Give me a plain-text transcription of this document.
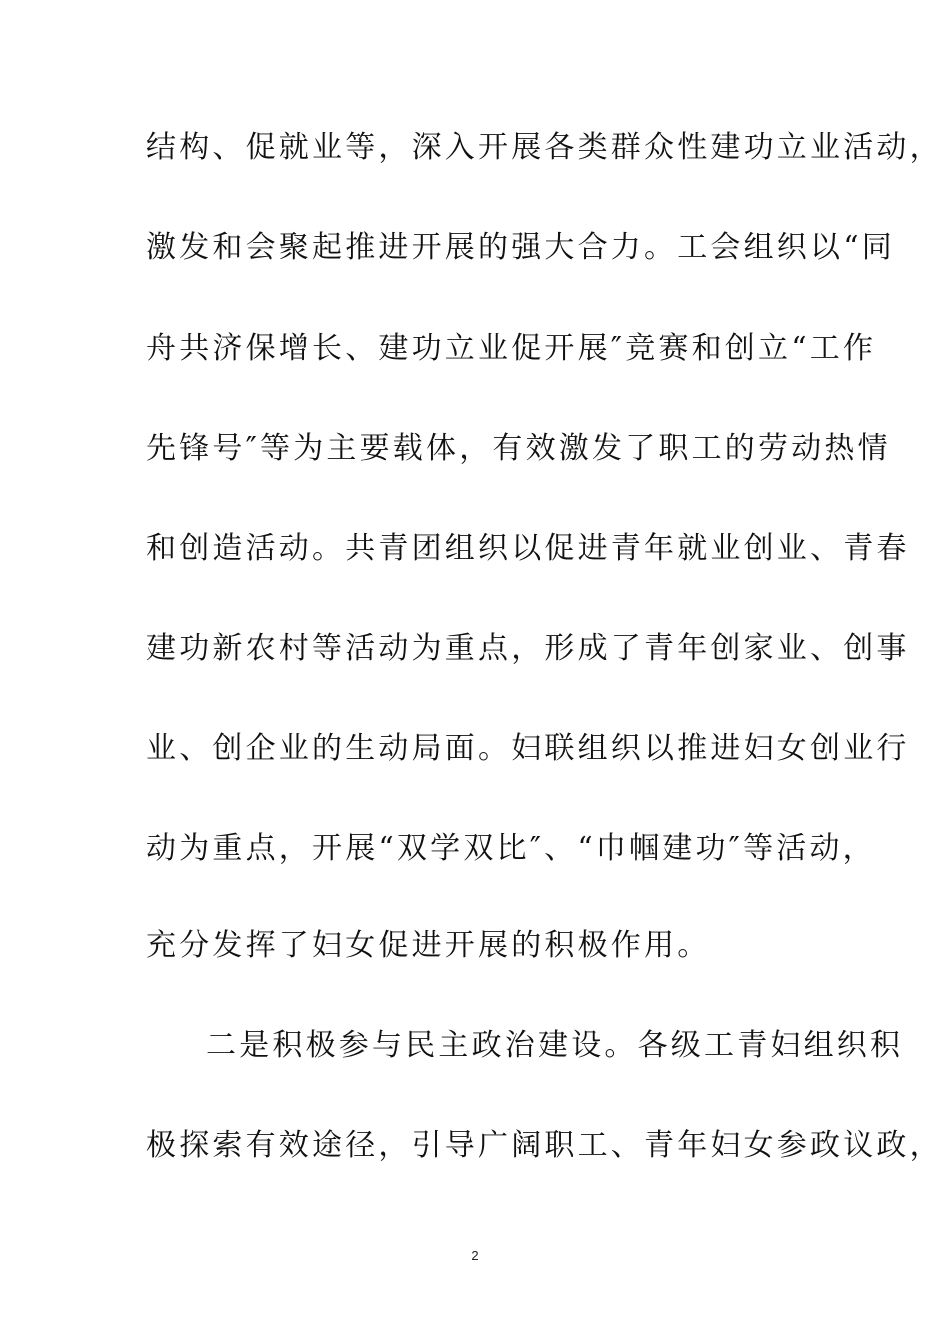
结构、促就业等，深入开展各类群众性建功立业活动，
激发和会聚起推进开展的强大合力。工会组织以“同
舟共济保增长、建功立业促开展″竞赛和创立“工作
先锋号″等为主要载体，有效激发了职工的劳动热情
和创造活动。共青团组织以促进青年就业创业、青春
建功新农村等活动为重点，形成了青年创家业、创事
业、创企业的生动局面。妇联组织以推进妇女创业行
动为重点，开展“双学双比″、“巾帼建功″等活动，
充分发挥了妇女促进开展的积极作用。
二是积极参与民主政治建设。各级工青妇组织积
极探索有效途径，引导广阔职工、青年妇女参政议政，
2
